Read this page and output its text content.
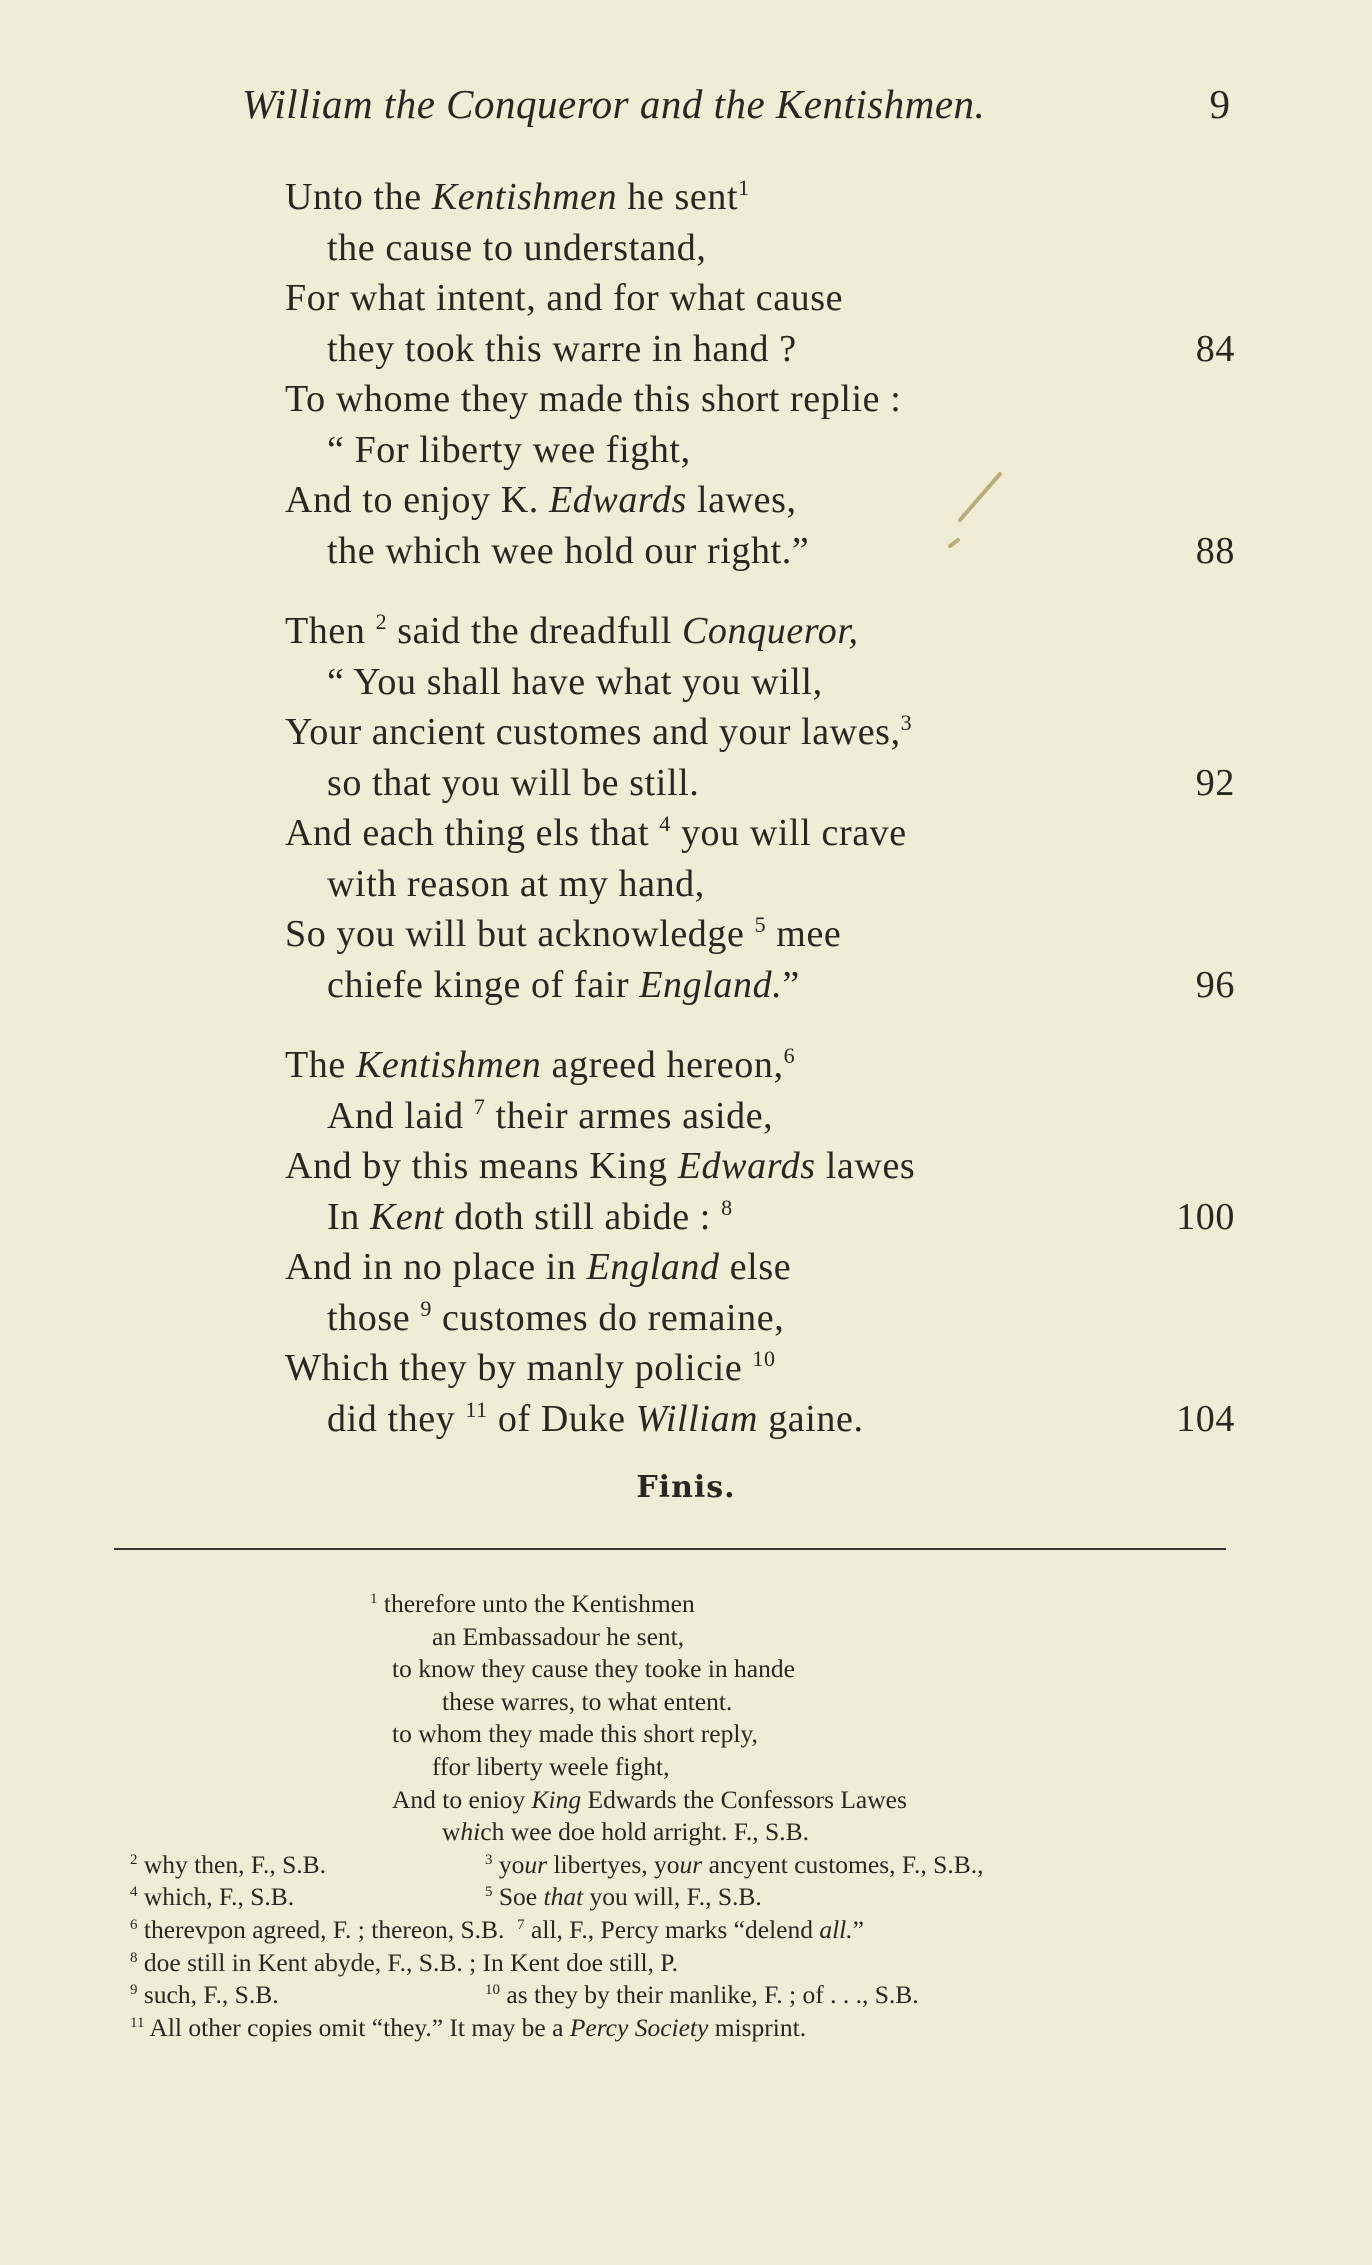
William the Conqueror and the Kentishmen.	9
Unto the Kentishmen he sent$^1$
the cause to understand,
For what intent, and for what cause
they took this warre in hand ?	84
To whome they made this short replie :
“ For liberty wee fight,
And to enjoy K. Edwards lawes,
the which wee hold our right.”	88
Then $^2$ said the dreadfull Conqueror,
“ You shall have what you will,
Your ancient customes and your lawes,$^3$
so that you will be still.	92
And each thing els that $^4$ you will crave
with reason at my hand,
So you will but acknowledge $^5$ mee
chiefe kinge of fair England.”	96
The Kentishmen agreed hereon,$^6$
And laid $^7$ their armes aside,
And by this means King Edwards lawes
In Kent doth still abide : $^8$	100
And in no place in England else
those $^9$ customes do remaine,
Which they by manly policie $^{10}$
did they $^{11}$ of Duke William gaine.	104
Finis.
$^1$ therefore unto the Kentishmen
an Embassadour he sent,
to know they cause they tooke in hande
these warres, to what entent.
to whom they made this short reply,
ffor liberty weele fight,
And to enioy King Edwards the Confessors Lawes
which wee doe hold arright. F., S.B.
$^2$ why then, F., S.B.	$^3$ your libertyes, your ancyent customes, F., S.B.,
$^4$ which, F., S.B.	$^5$ Soe that you will, F., S.B.
$^6$ therevpon agreed, F. ; thereon, S.B. $^7$ all, F., Percy marks “delend all.”
$^8$ doe still in Kent abyde, F., S.B. ; In Kent doe still, P.
$^9$ such, F., S.B.	$^{10}$ as they by their manlike, F. ; of . . ., S.B.
$^{11}$ All other copies omit “they.” It may be a Percy Society misprint.
